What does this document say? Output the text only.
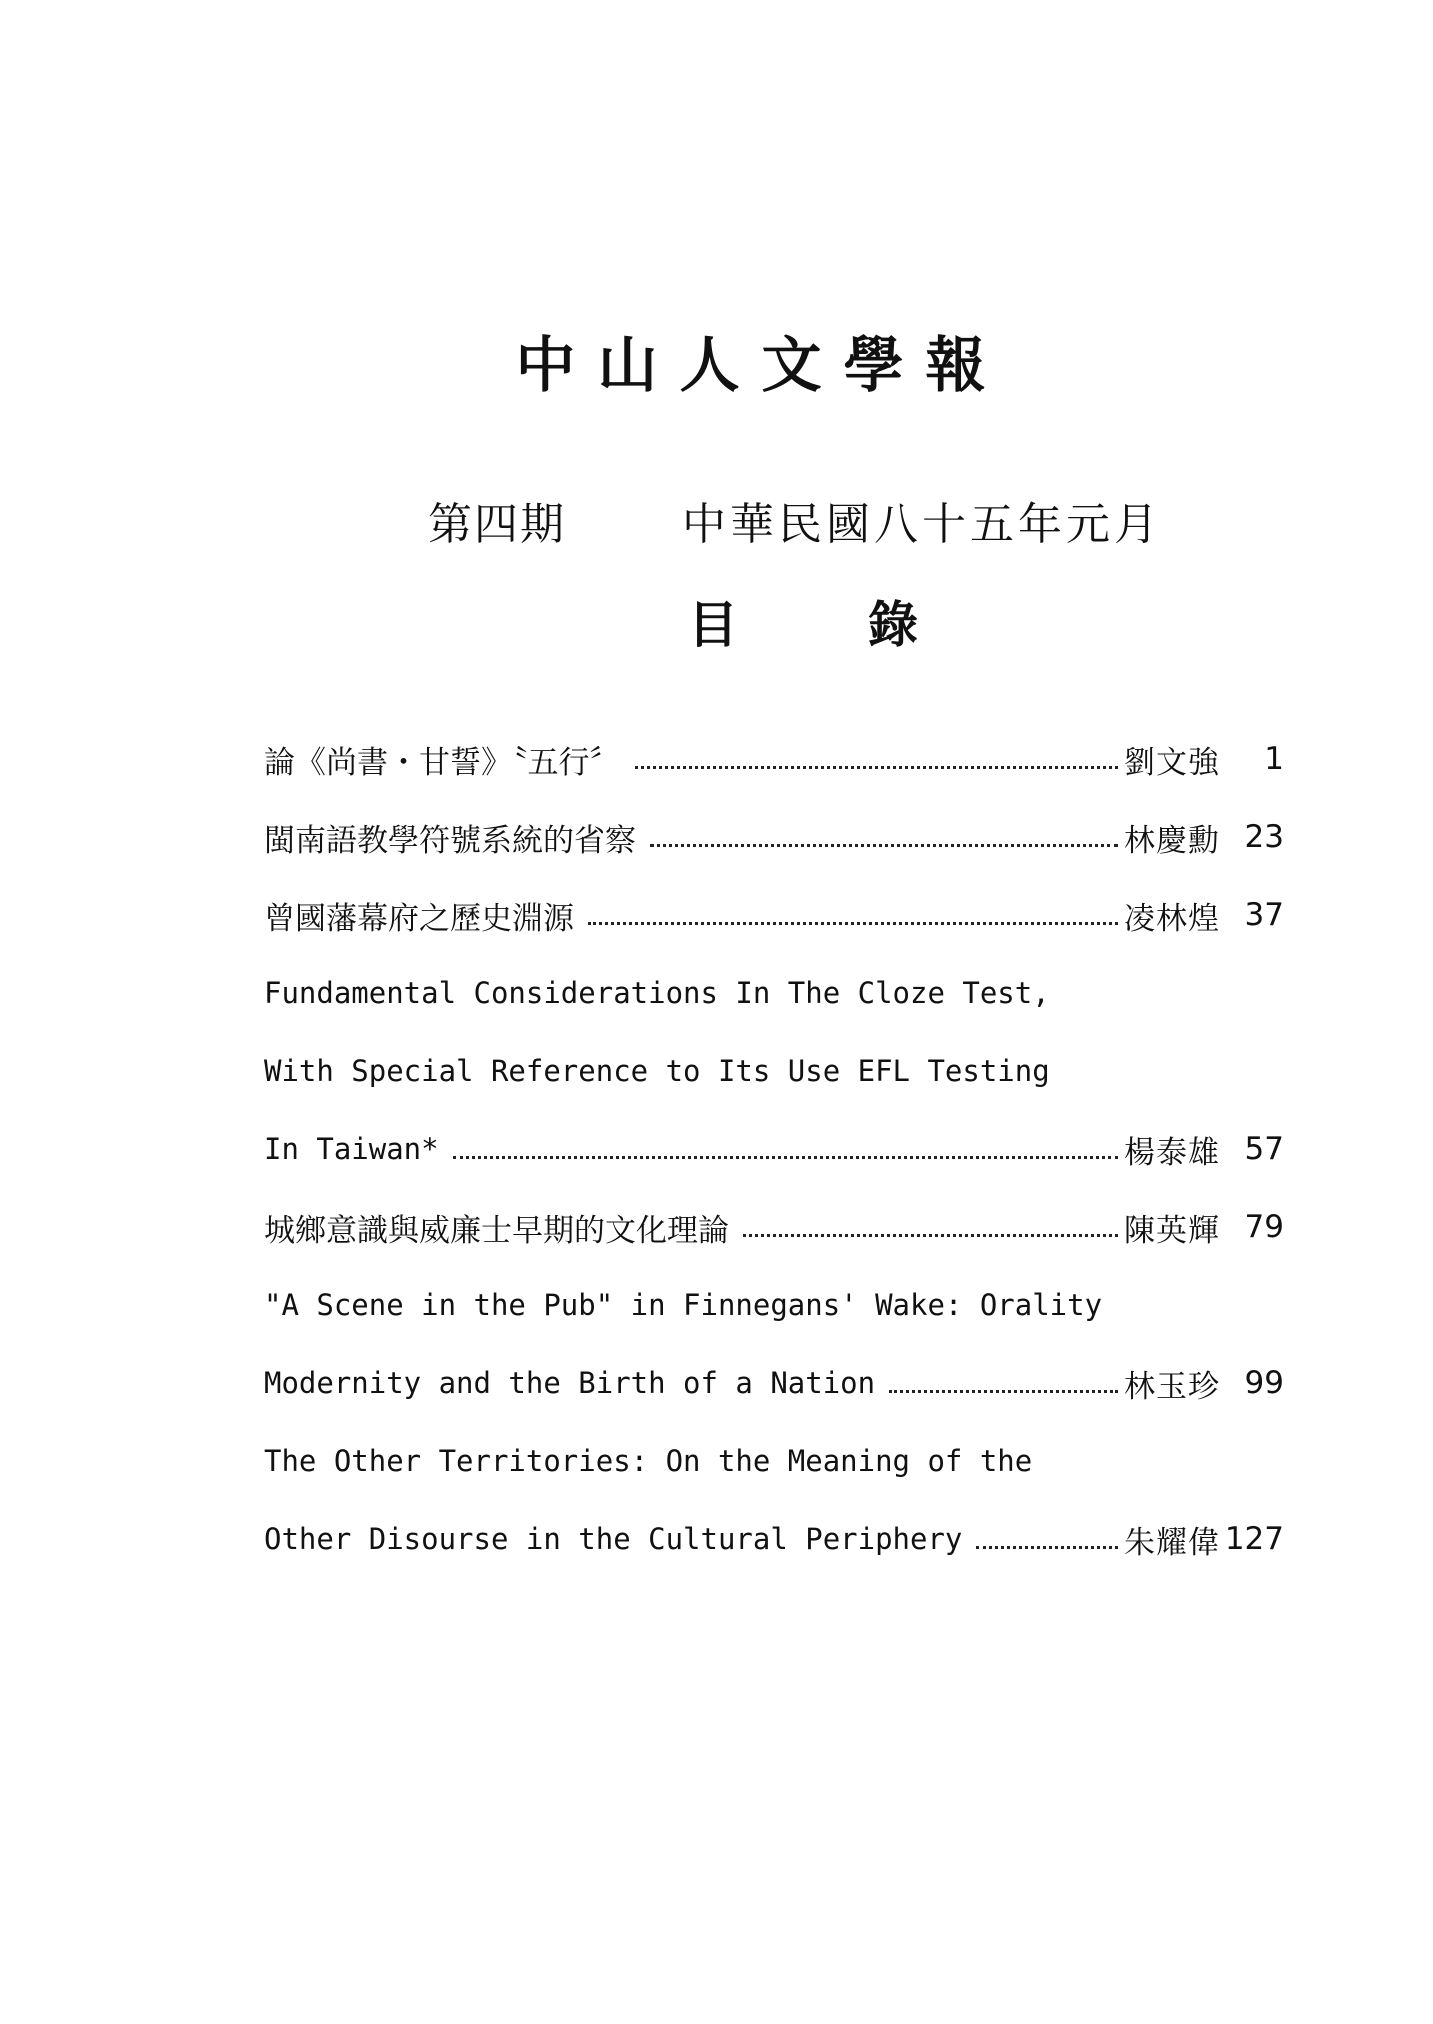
中山人文學報
第四期	中華民國八十五年元月
目	錄
論《尚書・甘誓》〝五行〞	劉文強	1
閩南語教學符號系統的省察	林慶勳 23
曾國藩幕府之歷史淵源	凌林煌 37
Fundamental Considerations In The Cloze Test,
With Special Reference to Its Use EFL Testing
In Taiwan*	楊泰雄 57
城鄉意識與威廉士早期的文化理論	陳英輝 79
"A Scene in the Pub" in Finnegans' Wake: Orality
Modernity and the Birth of a Nation	林玉珍 99
The Other Territories: On the Meaning of the
Other Disourse in the Cultural Periphery	朱耀偉 127
